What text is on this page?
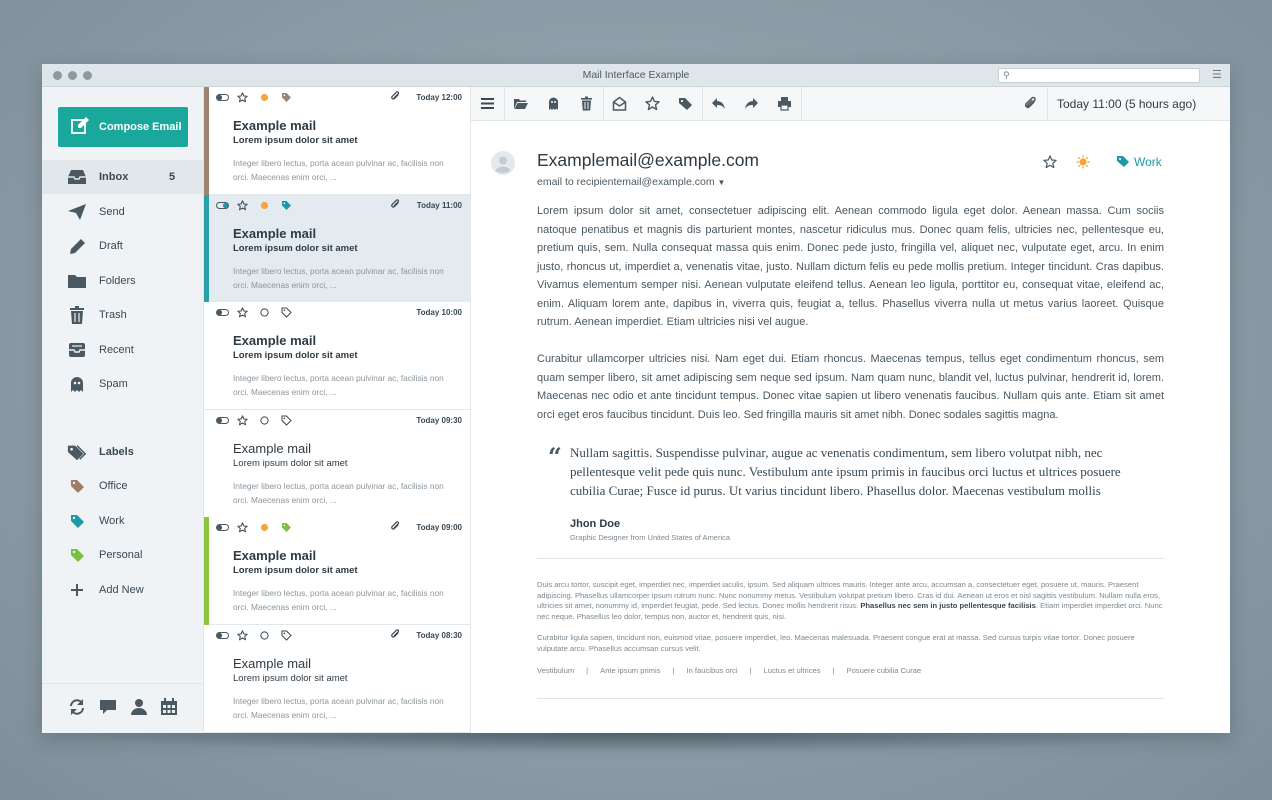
Mail Interface Example	⚲	☰
Compose Email
Inbox	5
Send
Draft
Folders
Trash
Recent
Spam
Labels
Office
Work
Personal
Add New
Today 12:00
Example mail
Lorem ipsum dolor sit amet
Integer libero lectus, porta acean pulvinar ac, facilisis non orci. Maecenas enim orci, ...
Today 11:00
Example mail
Lorem ipsum dolor sit amet
Integer libero lectus, porta acean pulvinar ac, facilisis non orci. Maecenas enim orci, ...
Today 10:00
Example mail
Lorem ipsum dolor sit amet
Integer libero lectus, porta acean pulvinar ac, facilisis non orci. Maecenas enim orci, ...
Today 09:30
Example mail
Lorem ipsum dolor sit amet
Integer libero lectus, porta acean pulvinar ac, facilisis non orci. Maecenas enim orci, ...
Today 09:00
Example mail
Lorem ipsum dolor sit amet
Integer libero lectus, porta acean pulvinar ac, facilisis non orci. Maecenas enim orci, ...
Today 08:30
Example mail
Lorem ipsum dolor sit amet
Integer libero lectus, porta acean pulvinar ac, facilisis non orci. Maecenas enim orci, ...
Today 11:00 (5 hours ago)
Examplemail@example.com
email to recipientemail@example.com ▼
Work

Lorem ipsum dolor sit amet, consectetuer adipiscing elit. Aenean commodo ligula eget dolor. Aenean massa. Cum sociis natoque penatibus et magnis dis parturient montes, nascetur ridiculus mus. Donec quam felis, ultricies nec, pellentesque eu, pretium quis, sem. Nulla consequat massa quis enim. Donec pede justo, fringilla vel, aliquet nec, vulputate eget, arcu. In enim justo, rhoncus ut, imperdiet a, venenatis vitae, justo. Nullam dictum felis eu pede mollis pretium. Integer tincidunt. Cras dapibus. Vivamus elementum semper nisi. Aenean vulputate eleifend tellus. Aenean leo ligula, porttitor eu, consequat vitae, eleifend ac, enim. Aliquam lorem ante, dapibus in, viverra quis, feugiat a, tellus. Phasellus viverra nulla ut metus varius laoreet. Quisque rutrum. Aenean imperdiet. Etiam ultricies nisi vel augue.

Curabitur ullamcorper ultricies nisi. Nam eget dui. Etiam rhoncus. Maecenas tempus, tellus eget condimentum rhoncus, sem quam semper libero, sit amet adipiscing sem neque sed ipsum. Nam quam nunc, blandit vel, luctus pulvinar, hendrerit id, lorem. Maecenas nec odio et ante tincidunt tempus. Donec vitae sapien ut libero venenatis faucibus. Nullam quis ante. Etiam sit amet orci eget eros faucibus tincidunt. Duis leo. Sed fringilla mauris sit amet nibh. Donec sodales sagittis magna.

“ Nullam sagittis. Suspendisse pulvinar, augue ac venenatis condimentum, sem libero volutpat nibh, nec pellentesque velit pede quis nunc. Vestibulum ante ipsum primis in faucibus orci luctus et ultrices posuere cubilia Curae; Fusce id purus. Ut varius tincidunt libero. Phasellus dolor. Maecenas vestibulum mollis
Jhon Doe
Graphic Designer from United States of America

Duis arcu tortor, suscipit eget, imperdiet nec, imperdiet iaculis, ipsum. Sed aliquam ultrices mauris. Integer ante arcu, accumsan a, consectetuer eget, posuere ut, mauris. Praesent adipiscing. Phasellus ullamcorper ipsum rutrum nunc. Nunc nonummy metus. Vestibulum volutpat pretium libero. Cras id dui. Aenean ut eros et nisl sagittis vestibulum. Nullam nulla eros, ultricies sit amet, nonummy id, imperdiet feugiat, pede. Sed lectus. Donec mollis hendrerit risus. Phasellus nec sem in justo pellentesque facilisis. Etiam imperdiet imperdiet orci. Nunc nec neque. Phasellus leo dolor, tempus non, auctor et, hendrerit quis, nisi.

Curabitur ligula sapien, tincidunt non, euismod vitae, posuere imperdiet, leo. Maecenas malesuada. Praesent congue erat at massa. Sed cursus turpis vitae tortor. Donec posuere vulputate arcu. Phasellus accumsan cursus velit.

Vestibulum | Ante ipsum primis | In faucibus orci | Luctus et ultrices | Posuere cubilia Curae
